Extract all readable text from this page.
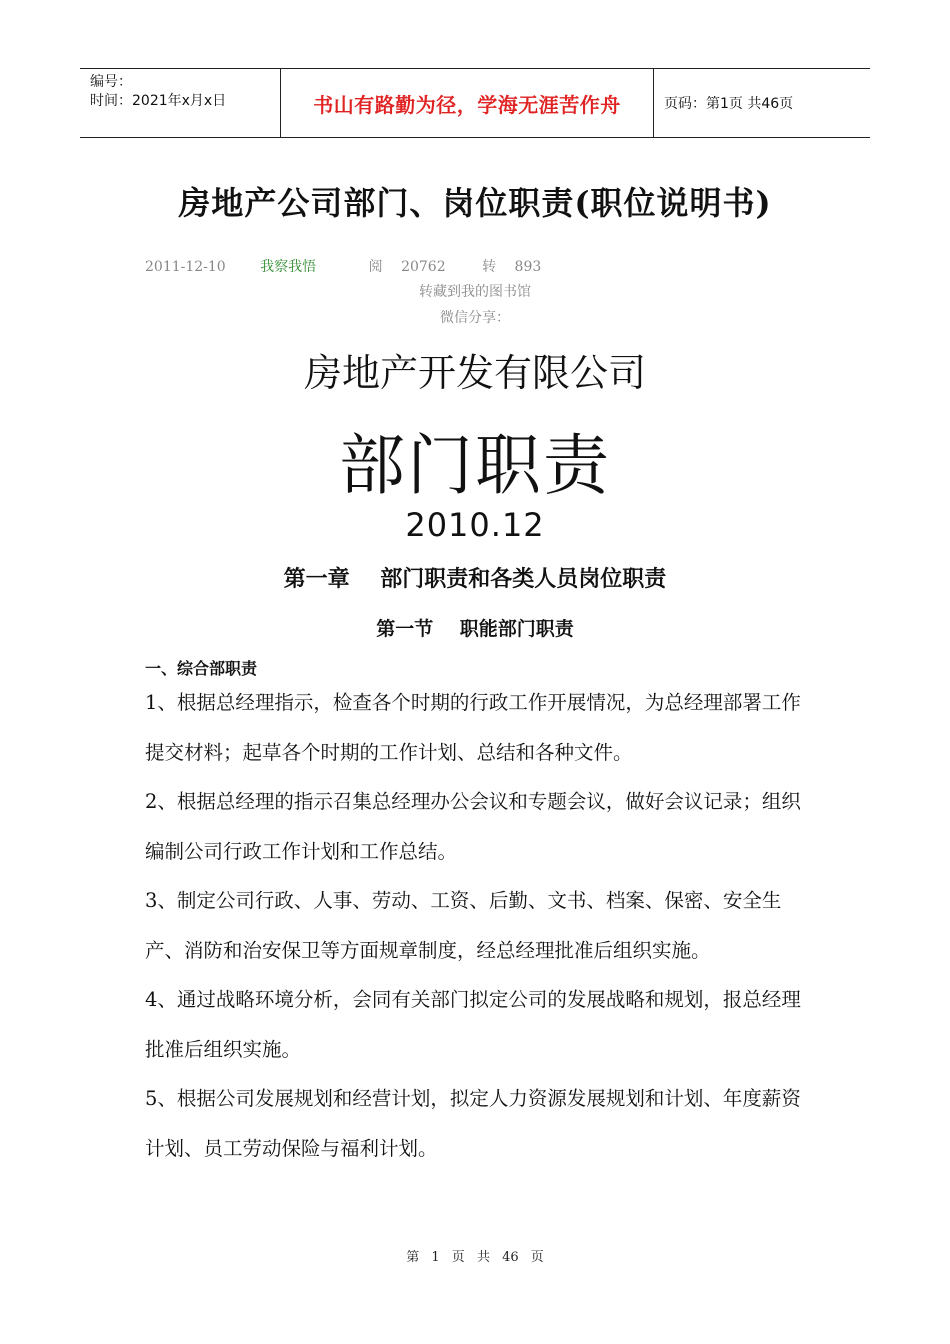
编号：
时间：2021年x月x日	书山有路勤为径，学海无涯苦作舟	页码：第1页 共46页
房地产公司部门、岗位职责(职位说明书)
2011-12-10 我察我悟	阅 20762	转 893
转藏到我的图书馆
微信分享：
房地产开发有限公司
部门职责
2010.12
第一章    部门职责和各类人员岗位职责
第一节    职能部门职责
一、综合部职责

1、根据总经理指示，检查各个时期的行政工作开展情况，为总经理部署工作提交材料；起草各个时期的工作计划、总结和各种文件。

2、根据总经理的指示召集总经理办公会议和专题会议，做好会议记录；组织编制公司行政工作计划和工作总结。

3、制定公司行政、人事、劳动、工资、后勤、文书、档案、保密、安全生产、消防和治安保卫等方面规章制度，经总经理批准后组织实施。

4、通过战略环境分析，会同有关部门拟定公司的发展战略和规划，报总经理批准后组织实施。

5、根据公司发展规划和经营计划，拟定人力资源发展规划和计划、年度薪资计划、员工劳动保险与福利计划。

第 1 页 共 46 页
